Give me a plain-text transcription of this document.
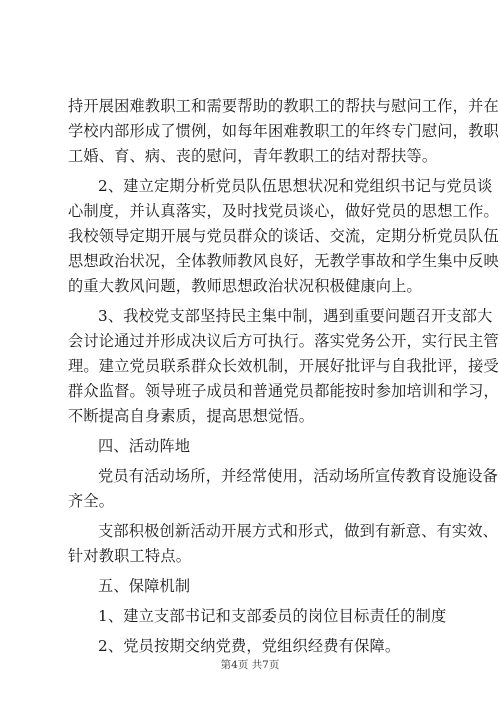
持开展困难教职工和需要帮助的教职工的帮扶与慰问工作，并在
学校内部形成了惯例，如每年困难教职工的年终专门慰问，教职
工婚、育、病、丧的慰问，青年教职工的结对帮扶等。
2、建立定期分析党员队伍思想状况和党组织书记与党员谈
心制度，并认真落实，及时找党员谈心，做好党员的思想工作。
我校领导定期开展与党员群众的谈话、交流，定期分析党员队伍
思想政治状况，全体教师教风良好，无教学事故和学生集中反映
的重大教风问题，教师思想政治状况积极健康向上。
3、我校党支部坚持民主集中制，遇到重要问题召开支部大
会讨论通过并形成决议后方可执行。落实党务公开，实行民主管
理。建立党员联系群众长效机制，开展好批评与自我批评，接受
群众监督。领导班子成员和普通党员都能按时参加培训和学习，
不断提高自身素质，提高思想觉悟。
四、活动阵地
党员有活动场所，并经常使用，活动场所宣传教育设施设备
齐全。
支部积极创新活动开展方式和形式，做到有新意、有实效、
针对教职工特点。
五、保障机制
1、建立支部书记和支部委员的岗位目标责任的制度
2、党员按期交纳党费，党组织经费有保障。
第4页 共7页
